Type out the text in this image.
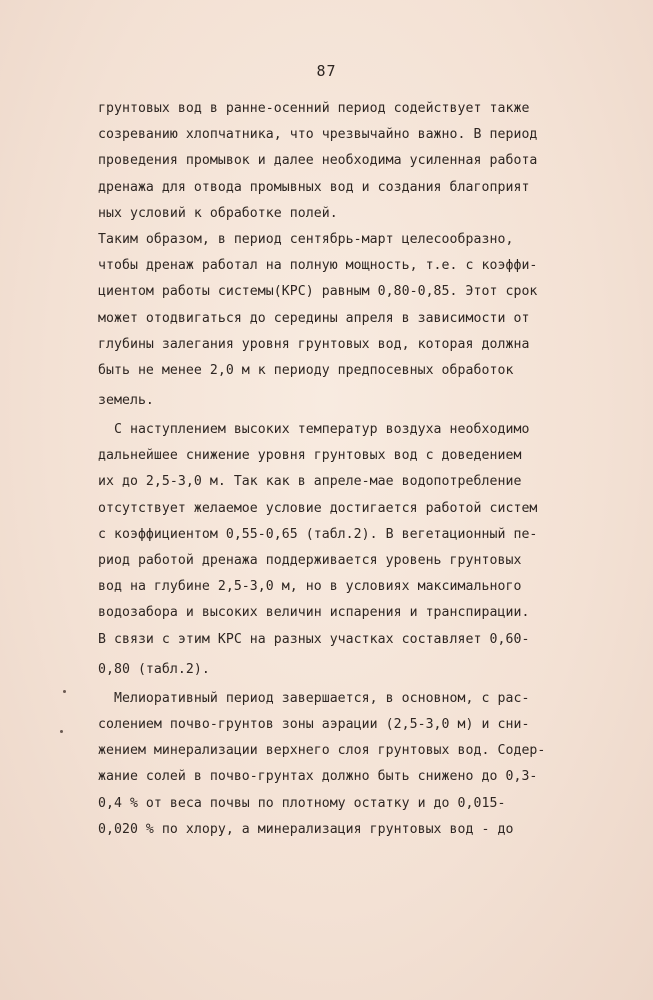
87
грунтовых вод в ранне-осенний период содействует также
созреванию хлопчатника, что чрезвычайно важно. В период
проведения промывок и далее необходима усиленная работа
дренажа для отвода промывных вод и создания благоприят
ных условий к обработке полей.
Таким образом, в период сентябрь-март целесообразно,
чтобы дренаж работал на полную мощность, т.е. с коэффи-
циентом работы системы(КРС) равным 0,80-0,85. Этот срок
может отодвигаться до середины апреля в зависимости от
глубины залегания уровня грунтовых вод, которая должна
быть не менее 2,0 м к периоду предпосевных обработок
земель.
С наступлением высоких температур воздуха необходимо
дальнейшее снижение уровня грунтовых вод с доведением
их до 2,5-3,0 м. Так как в апреле-мае водопотребление
отсутствует желаемое условие достигается работой систем
с коэффициентом 0,55-0,65 (табл.2). В вегетационный пе-
риод работой дренажа поддерживается уровень грунтовых
вод на глубине 2,5-3,0 м, но в условиях максимального
водозабора и высоких величин испарения и транспирации.
В связи с этим КРС на разных участках составляет 0,60-
0,80 (табл.2).
Мелиоративный период завершается, в основном, с рас-
солением почво-грунтов зоны аэрации (2,5-3,0 м) и сни-
жением минерализации верхнего слоя грунтовых вод. Содер-
жание солей в почво-грунтах должно быть снижено до 0,3-
0,4 % от веса почвы по плотному остатку и до 0,015-
0,020 % по хлору, а минерализация грунтовых вод - до
